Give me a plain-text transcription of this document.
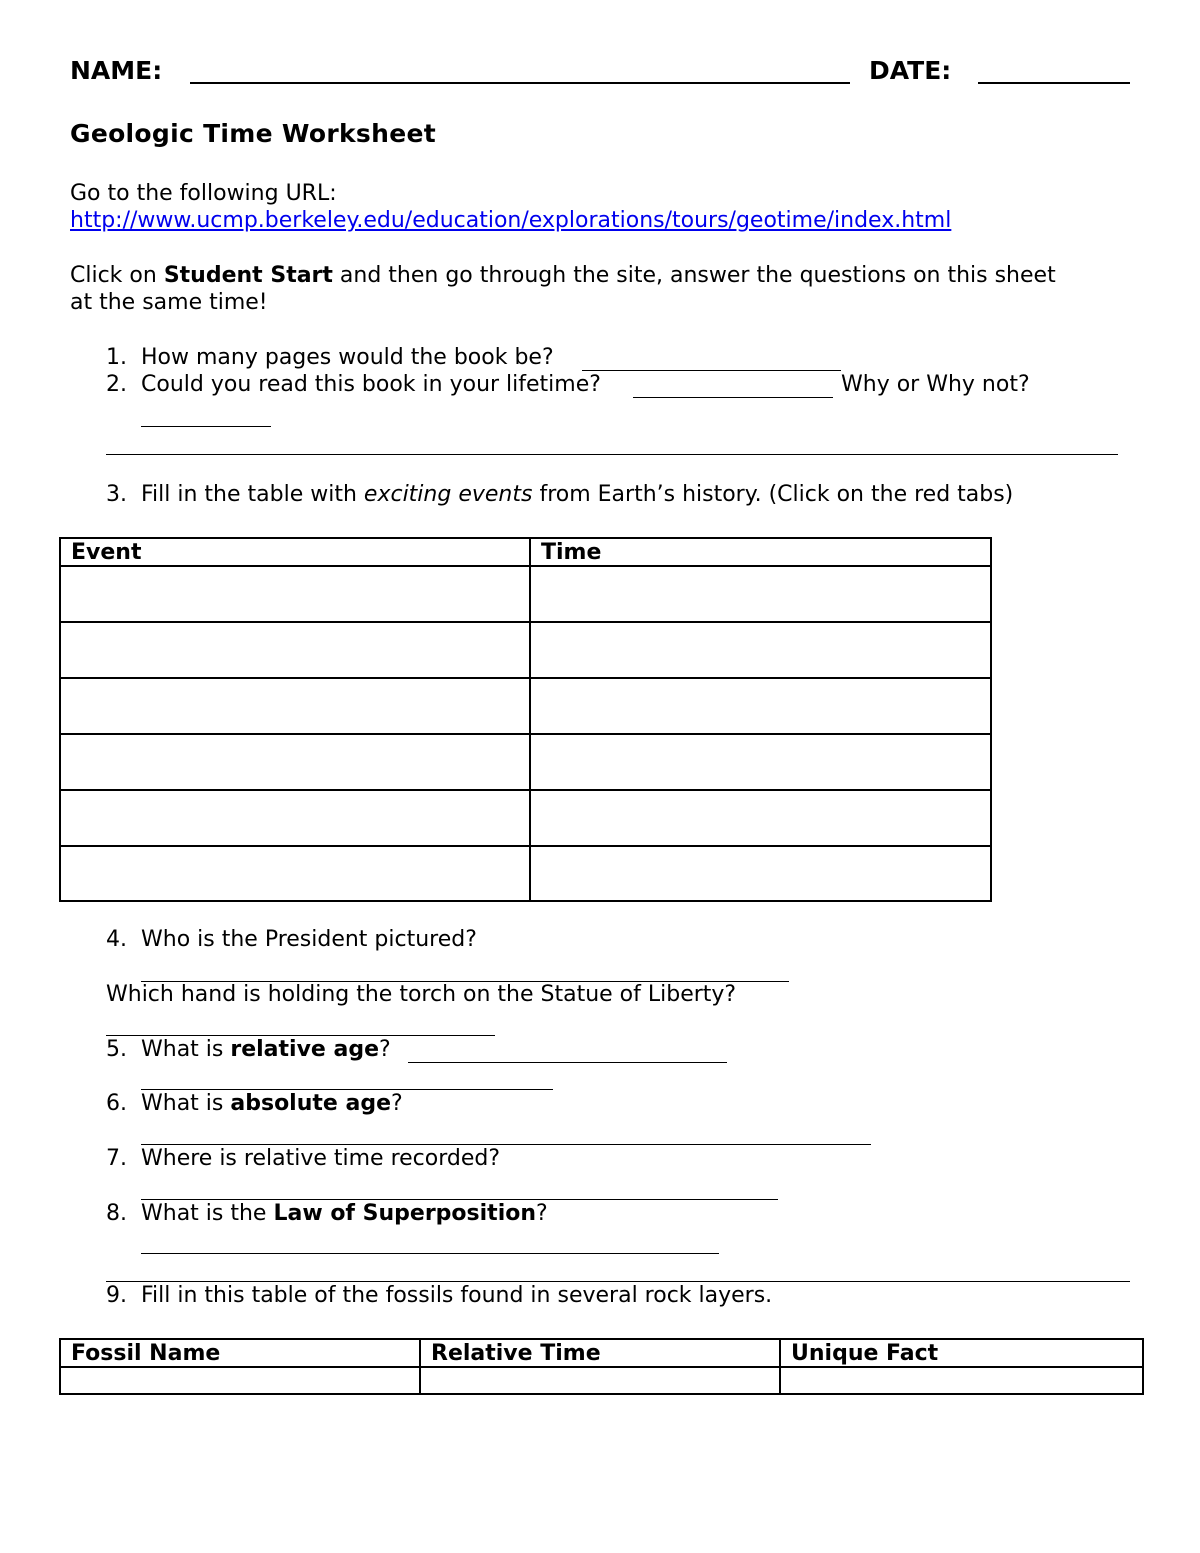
NAME:	DATE:
Geologic Time Worksheet
Go to the following URL:
http://www.ucmp.berkeley.edu/education/explorations/tours/geotime/index.html
Click on Student Start and then go through the site, answer the questions on this sheet
at the same time!
1. How many pages would the book be?
2. Could you read this book in your lifetime?	Why or Why not?
3. Fill in the table with exciting events from Earth’s history. (Click on the red tabs)
Event	Time

4. Who is the President pictured?
Which hand is holding the torch on the Statue of Liberty?
5. What is relative age?
6. What is absolute age?
7. Where is relative time recorded?
8. What is the Law of Superposition?
9. Fill in this table of the fossils found in several rock layers.
Fossil Name	Relative Time	Unique Fact
